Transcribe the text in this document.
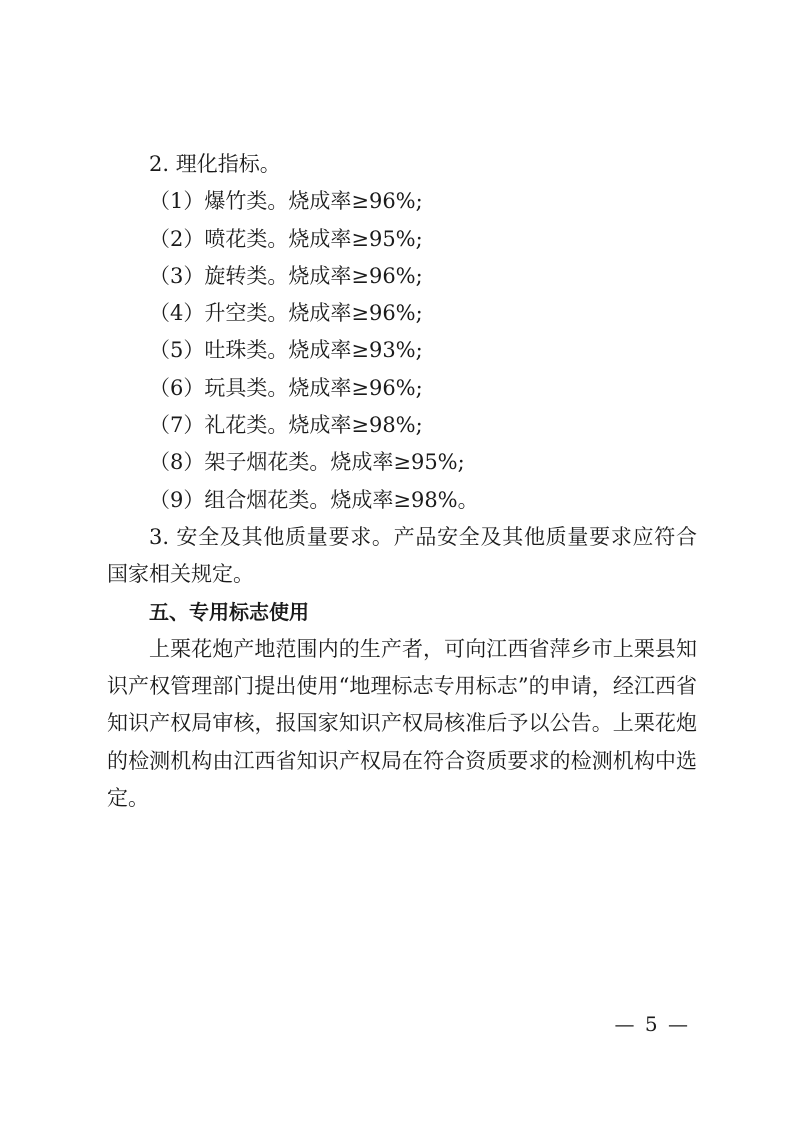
2. 理化指标。

（1）爆竹类。烧成率≥96%;

（2）喷花类。烧成率≥95%;

（3）旋转类。烧成率≥96%;

（4）升空类。烧成率≥96%;

（5）吐珠类。烧成率≥93%;

（6）玩具类。烧成率≥96%;

（7）礼花类。烧成率≥98%;

（8）架子烟花类。烧成率≥95%;

（9）组合烟花类。烧成率≥98%。

3. 安全及其他质量要求。产品安全及其他质量要求应符合国家相关规定。

五、专用标志使用

上栗花炮产地范围内的生产者，可向江西省萍乡市上栗县知识产权管理部门提出使用“地理标志专用标志”的申请，经江西省知识产权局审核，报国家知识产权局核准后予以公告。上栗花炮的检测机构由江西省知识产权局在符合资质要求的检测机构中选定。

— 5 —
